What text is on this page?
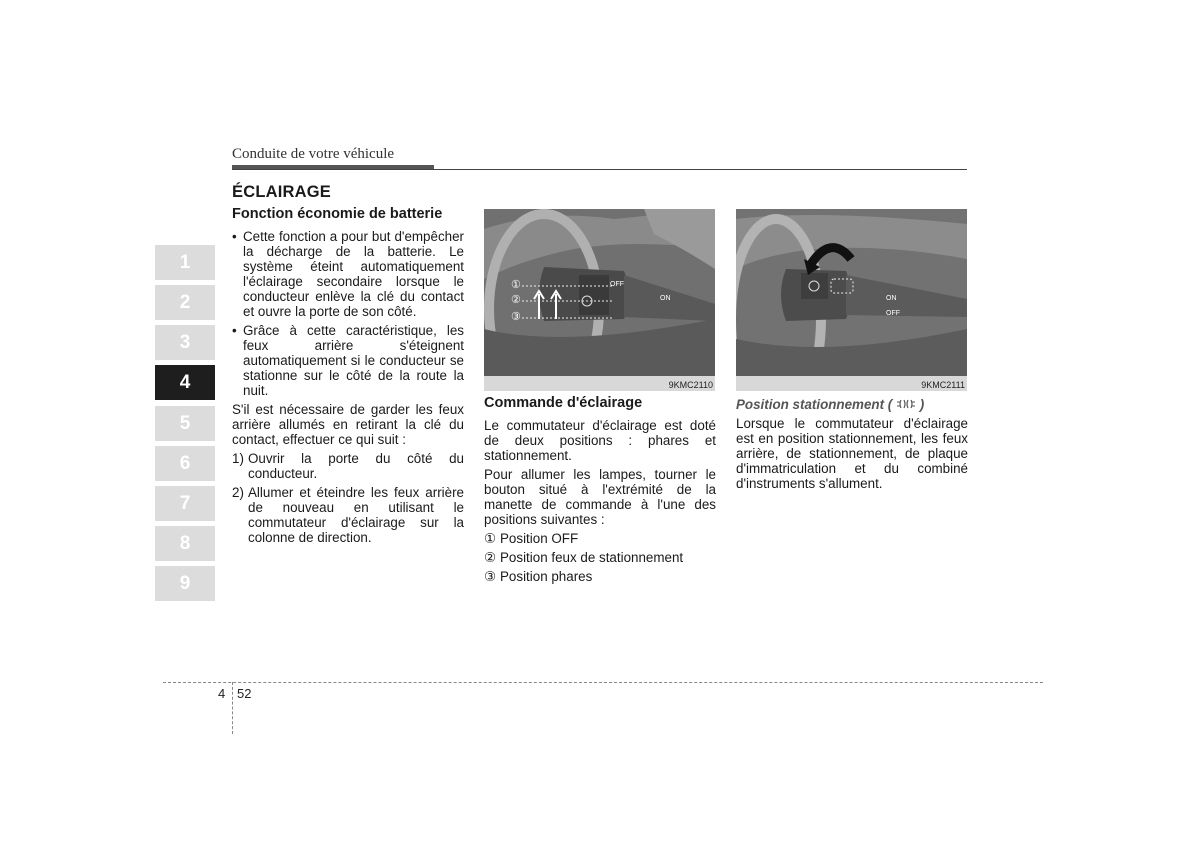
Conduite de votre véhicule
1
2
3
4
5
6
7
8
9
ÉCLAIRAGE
Fonction économie de batterie

• Cette fonction a pour but d'empêcher la décharge de la batterie. Le système éteint automatiquement l'éclairage secondaire lorsque le conducteur enlève la clé du contact et ouvre la porte de son côté.

• Grâce à cette caractéristique, les feux arrière s'éteignent automatiquement si le conducteur se stationne sur le côté de la route la nuit.

S'il est nécessaire de garder les feux arrière allumés en retirant la clé du contact, effectuer ce qui suit :

1) Ouvrir la porte du côté du conducteur.

2) Allumer et éteindre les feux arrière de nouveau en utilisant le commutateur d'éclairage sur la colonne de direction.

①
②
③
OFF
ON
9KMC2110
Commande d'éclairage

Le commutateur d'éclairage est doté de deux positions : phares et stationnement.

Pour allumer les lampes, tourner le bouton situé à l'extrémité de la manette de commande à l'une des positions suivantes :

① Position OFF

② Position feux de stationnement

③ Position phares

ON
OFF
9KMC2111
Position stationnement ( )

Lorsque le commutateur d'éclairage est en position stationnement, les feux arrière, de stationnement, de plaque d'immatriculation et du combiné d'instruments s'allument.

4 52
